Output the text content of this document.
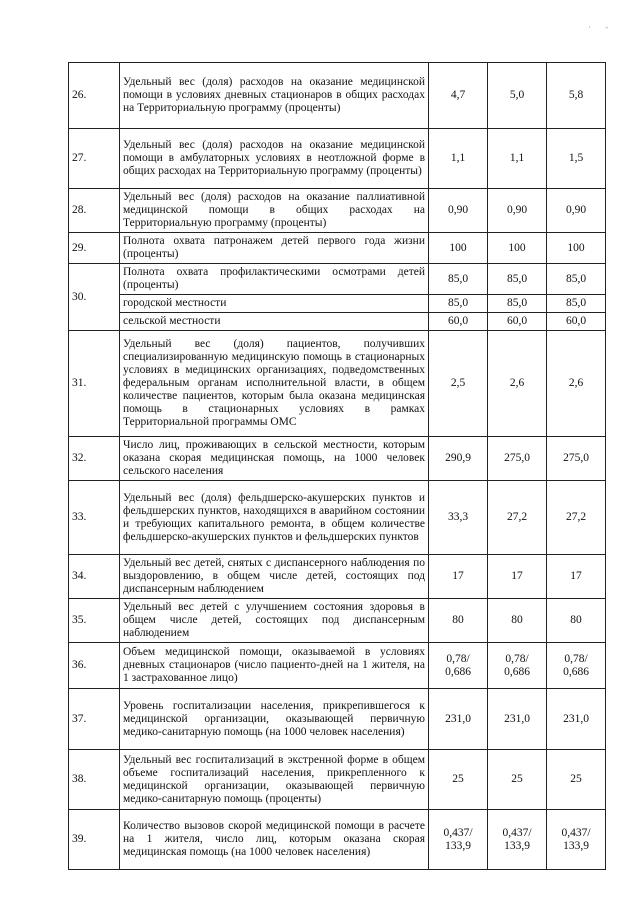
· -
26.	Удельный вес (доля) расходов на оказание медицинской помощи в условиях дневных стационаров в общих расходах на Территориальную программу (проценты)	4,7	5,0	5,8
27.	Удельный вес (доля) расходов на оказание медицинской помощи в амбулаторных условиях в неотложной форме в общих расходах на Территориальную программу (проценты)	1,1	1,1	1,5
28.	Удельный вес (доля) расходов на оказание паллиативной медицинской помощи в общих расходах на Территориальную программу (проценты)	0,90	0,90	0,90
29.	Полнота охвата патронажем детей первого года жизни (проценты)	100	100	100
30.	Полнота охвата профилактическими осмотрами детей (проценты)	85,0	85,0	85,0
	городской местности	85,0	85,0	85,0
	сельской местности	60,0	60,0	60,0
31.	Удельный вес (доля) пациентов, получивших специализированную медицинскую помощь в стационарных условиях в медицинских организациях, подведомственных федеральным органам исполнительной власти, в общем количестве пациентов, которым была оказана медицинская помощь в стационарных условиях в рамках Территориальной программы ОМС	2,5	2,6	2,6
32.	Число лиц, проживающих в сельской местности, которым оказана скорая медицинская помощь, на 1000 человек сельского населения	290,9	275,0	275,0
33.	Удельный вес (доля) фельдшерско-акушерских пунктов и фельдшерских пунктов, находящихся в аварийном состоянии и требующих капитального ремонта, в общем количестве фельдшерско-акушерских пунктов и фельдшерских пунктов	33,3	27,2	27,2
34.	Удельный вес детей, снятых с диспансерного наблюдения по выздоровлению, в общем числе детей, состоящих под диспансерным наблюдением	17	17	17
35.	Удельный вес детей с улучшением состояния здоровья в общем числе детей, состоящих под диспансерным наблюдением	80	80	80
36.	Объем медицинской помощи, оказываемой в условиях дневных стационаров (число пациенто-дней на 1 жителя, на 1 застрахованное лицо)	0,78/ 0,686	0,78/ 0,686	0,78/ 0,686
37.	Уровень госпитализации населения, прикрепившегося к медицинской организации, оказывающей первичную медико-санитарную помощь (на 1000 человек населения)	231,0	231,0	231,0
38.	Удельный вес госпитализаций в экстренной форме в общем объеме госпитализаций населения, прикрепленного к медицинской организации, оказывающей первичную медико-санитарную помощь (проценты)	25	25	25
39.	Количество вызовов скорой медицинской помощи в расчете на 1 жителя, число лиц, которым оказана скорая медицинская помощь (на 1000 человек населения)	0,437/ 133,9	0,437/ 133,9	0,437/ 133,9
